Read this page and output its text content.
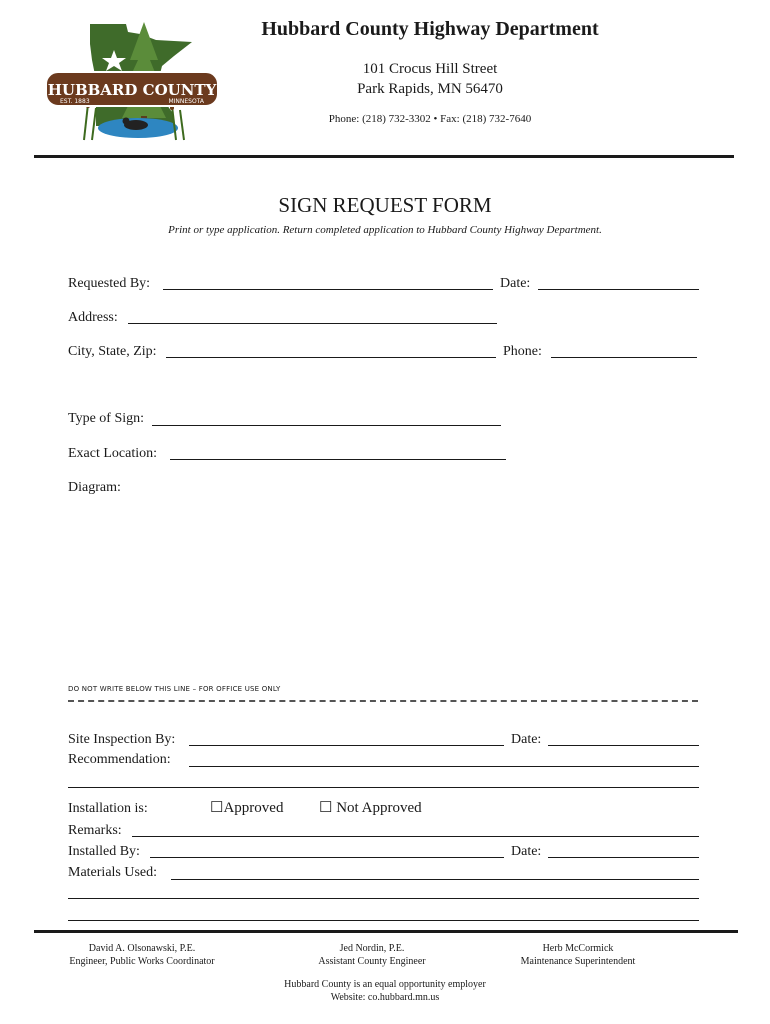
HUBBARD COUNTY
EST. 1883	MINNESOTA
Hubbard County Highway Department
101 Crocus Hill Street
Park Rapids, MN 56470
Phone: (218) 732-3302 • Fax: (218) 732-7640
SIGN REQUEST FORM
Print or type application. Return completed application to Hubbard County Highway Department.
Requested By:	Date:
Address:
City, State, Zip:	Phone:
Type of Sign:
Exact Location:
Diagram:
DO NOT WRITE BELOW THIS LINE – FOR OFFICE USE ONLY
Site Inspection By:	Date:
Recommendation:
Installation is:	☐Approved ☐ Not Approved
Remarks:
Installed By:	Date:
Materials Used:
David A. Olsonawski, P.E.
Engineer, Public Works Coordinator
Jed Nordin, P.E.
Assistant County Engineer
Herb McCormick
Maintenance Superintendent
Hubbard County is an equal opportunity employer
Website: co.hubbard.mn.us
